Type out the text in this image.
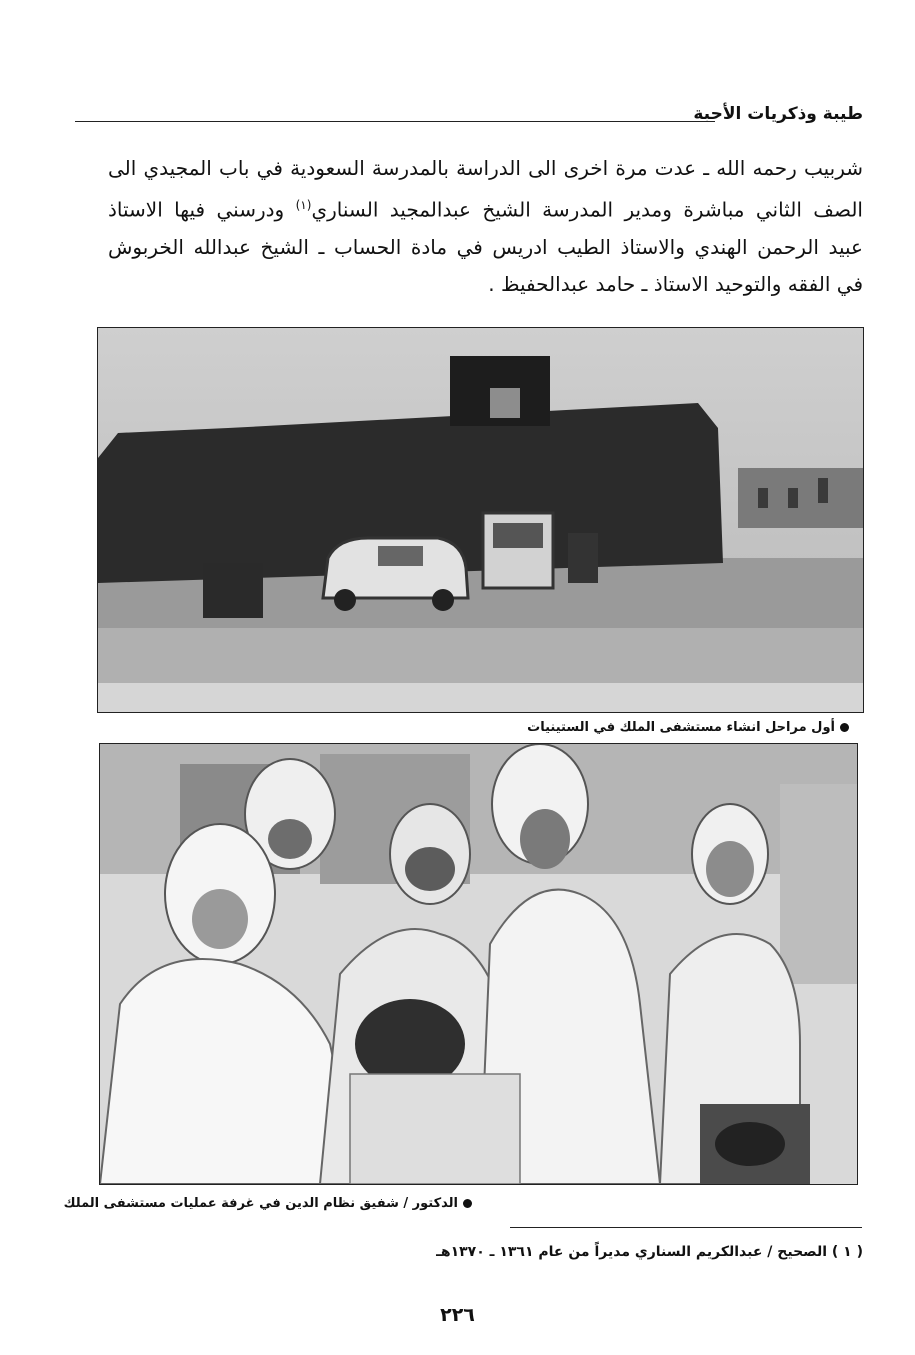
طيبة وذكريات الأحبة

شربيب رحمه الله ـ عدت مرة اخرى الى الدراسة بالمدرسة السعودية في باب المجيدي الى

الصف الثاني مباشرة ومدير المدرسة الشيخ عبدالمجيد السناري$^{(١)}$ ودرسني فيها الاستاذ

عبيد الرحمن الهندي والاستاذ الطيب ادريس في مادة الحساب ـ الشيخ عبدالله الخربوش

في الفقه والتوحيد الاستاذ ـ حامد عبدالحفيظ .

أول مراحل انشاء مستشفى الملك في الستينيات
الدكتور / شفيق نظام الدين في غرفة عمليات مستشفى الملك
( ١ ) الصحيح / عبدالكريم السناري مديراً من عام ١٣٦١ ـ ١٣٧٠هـ
٢٢٦
